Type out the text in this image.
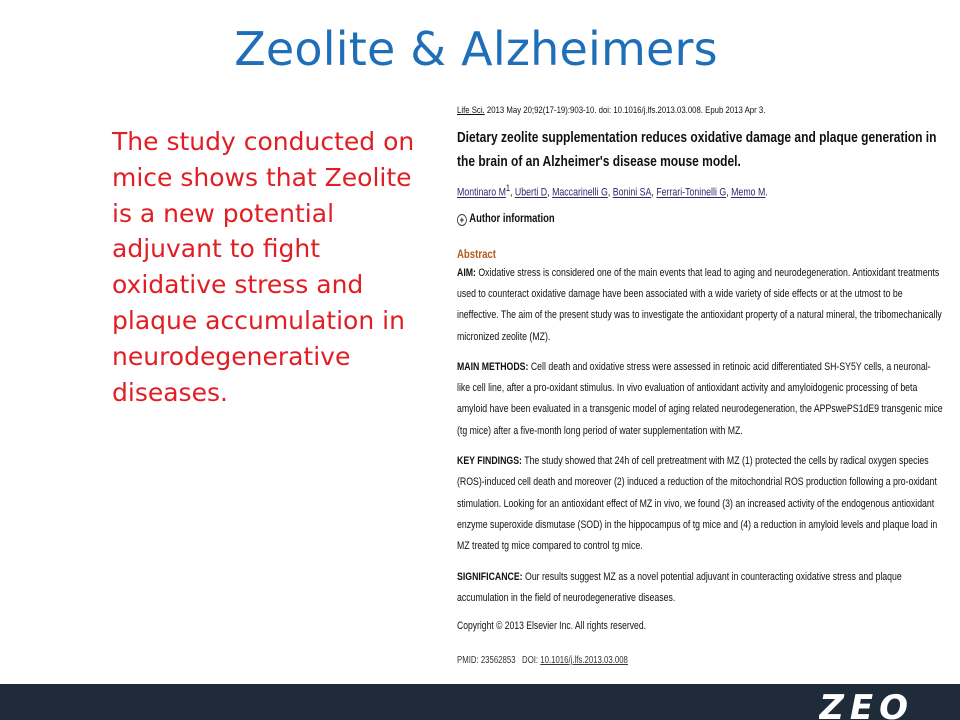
Zeolite & Alzheimers

The study conducted on mice shows that Zeolite is a new potential adjuvant to fight oxidative stress and plaque accumulation in neurodegenerative diseases.

Life Sci. 2013 May 20;92(17-19):903-10. doi: 10.1016/j.lfs.2013.03.008. Epub 2013 Apr 3.

Dietary zeolite supplementation reduces oxidative damage and plaque generation in the brain of an Alzheimer's disease mouse model.

Montinaro $M^1$, Uberti D, Maccarinelli G, Bonini SA, Ferrari-Toninelli G, Memo M.

+ Author information

Abstract

AIM: Oxidative stress is considered one of the main events that lead to aging and neurodegeneration. Antioxidant treatments used to counteract oxidative damage have been associated with a wide variety of side effects or at the utmost to be ineffective. The aim of the present study was to investigate the antioxidant property of a natural mineral, the tribomechanically micronized zeolite (MZ).

MAIN METHODS: Cell death and oxidative stress were assessed in retinoic acid differentiated SH-SY5Y cells, a neuronal-like cell line, after a pro-oxidant stimulus. In vivo evaluation of antioxidant activity and amyloidogenic processing of beta amyloid have been evaluated in a transgenic model of aging related neurodegeneration, the APPswePS1dE9 transgenic mice (tg mice) after a five-month long period of water supplementation with MZ.

KEY FINDINGS: The study showed that 24h of cell pretreatment with MZ (1) protected the cells by radical oxygen species (ROS)-induced cell death and moreover (2) induced a reduction of the mitochondrial ROS production following a pro-oxidant stimulation. Looking for an antioxidant effect of MZ in vivo, we found (3) an increased activity of the endogenous antioxidant enzyme superoxide dismutase (SOD) in the hippocampus of tg mice and (4) a reduction in amyloid levels and plaque load in MZ treated tg mice compared to control tg mice.

SIGNIFICANCE: Our results suggest MZ as a novel potential adjuvant in counteracting oxidative stress and plaque accumulation in the field of neurodegenerative diseases.

Copyright © 2013 Elsevier Inc. All rights reserved.

PMID: 23562853 DOI: 10.1016/j.lfs.2013.03.008

ZEO
